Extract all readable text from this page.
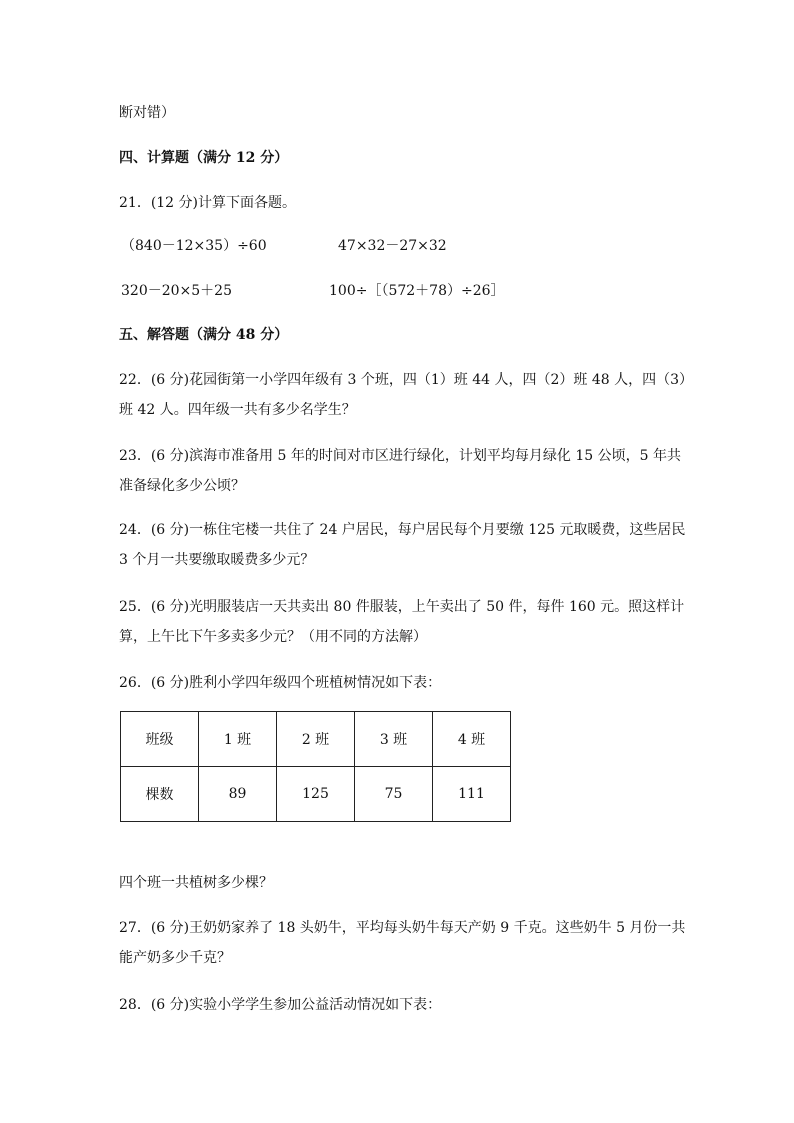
断对错）
四、计算题（满分 12 分）
21．(12 分)计算下面各题。
（840－12×35）÷60	47×32－27×32
320－20×5＋25	100÷［（572＋78）÷26］
五、解答题（满分 48 分）
22．(6 分)花园街第一小学四年级有 3 个班，四（1）班 44 人，四（2）班 48 人，四（3）
班 42 人。四年级一共有多少名学生？
23．(6 分)滨海市准备用 5 年的时间对市区进行绿化，计划平均每月绿化 15 公顷，5 年共
准备绿化多少公顷？
24．(6 分)一栋住宅楼一共住了 24 户居民，每户居民每个月要缴 125 元取暖费，这些居民
3 个月一共要缴取暖费多少元？
25．(6 分)光明服装店一天共卖出 80 件服装，上午卖出了 50 件，每件 160 元。照这样计
算，上午比下午多卖多少元？（用不同的方法解）
26．(6 分)胜利小学四年级四个班植树情况如下表：
班级	1 班	2 班	3 班	4 班
棵数	89	125	75	111
四个班一共植树多少棵？
27．(6 分)王奶奶家养了 18 头奶牛，平均每头奶牛每天产奶 9 千克。这些奶牛 5 月份一共
能产奶多少千克？
28．(6 分)实验小学学生参加公益活动情况如下表：
